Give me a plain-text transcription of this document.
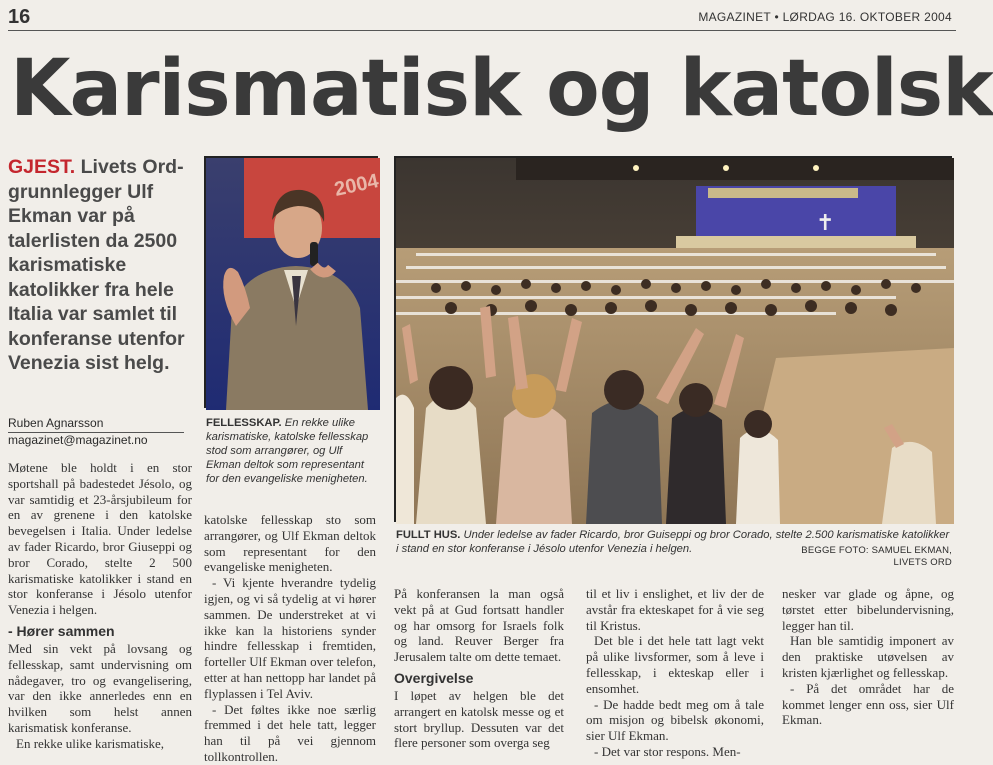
16	MAGAZINET • LØRDAG 16. OKTOBER 2004
Karismatisk og katolsk
GJEST. Livets Ord-grunnlegger Ulf Ekman var på talerlisten da 2500 karismatiske katolikker fra hele Italia var samlet til konferanse utenfor Venezia sist helg.
Ruben Agnarsson
magazinet@magazinet.no
2004
FELLESSKAP. En rekke ulike karismatiske, katolske fellesskap stod som arrangører, og Ulf Ekman deltok som representant for den evangeliske menigheten.
✝
FULLT HUS. Under ledelse av fader Ricardo, bror Guiseppi og bror Corado, stelte 2.500 karismatiske katolikker i stand en stor konferanse i Jésolo utenfor Venezia i helgen.	BEGGE FOTO: SAMUEL EKMAN,
LIVETS ORD

Møtene ble holdt i en stor sportshall på badestedet Jésolo, og var samtidig et 23-årsjubileum for en av grenene i den katolske bevegelsen i Italia. Under ledelse av fader Ricardo, bror Giuseppi og bror Corado, stelte 2 500 karismatiske katolikker i stand en stor konferanse i Jésolo utenfor Venezia i helgen.

- Hører sammen

Med sin vekt på lovsang og fellesskap, samt undervisning om nådegaver, tro og evangelisering, var den ikke annerledes enn en hvilken som helst annen karismatisk konferanse.

En rekke ulike karismatiske,

katolske fellesskap sto som arrangører, og Ulf Ekman deltok som representant for den evangeliske menigheten.

- Vi kjente hverandre tydelig igjen, og vi så tydelig at vi hører sammen. De understreket at vi ikke kan la historiens synder hindre fellesskap i fremtiden, forteller Ulf Ekman over telefon, etter at han nettopp har landet på flyplassen i Tel Aviv.

- Det føltes ikke noe særlig fremmed i det hele tatt, legger han til på vei gjennom tollkontrollen.

På konferansen la man også vekt på at Gud fortsatt handler og har omsorg for Israels folk og land. Reuver Berger fra Jerusalem talte om dette temaet.

Overgivelse

I løpet av helgen ble det arrangert en katolsk messe og et stort bryllup. Dessuten var det flere personer som overga seg

til et liv i enslighet, et liv der de avstår fra ekteskapet for å vie seg til Kristus.

Det ble i det hele tatt lagt vekt på ulike livsformer, som å leve i fellesskap, i ekteskap eller i ensomhet.

- De hadde bedt meg om å tale om misjon og bibelsk økonomi, sier Ulf Ekman.

- Det var stor respons. Men-

nesker var glade og åpne, og tørstet etter bibelundervisning, legger han til.

Han ble samtidig imponert av den praktiske utøvelsen av kristen kjærlighet og fellesskap.

- På det området har de kommet lenger enn oss, sier Ulf Ekman.
